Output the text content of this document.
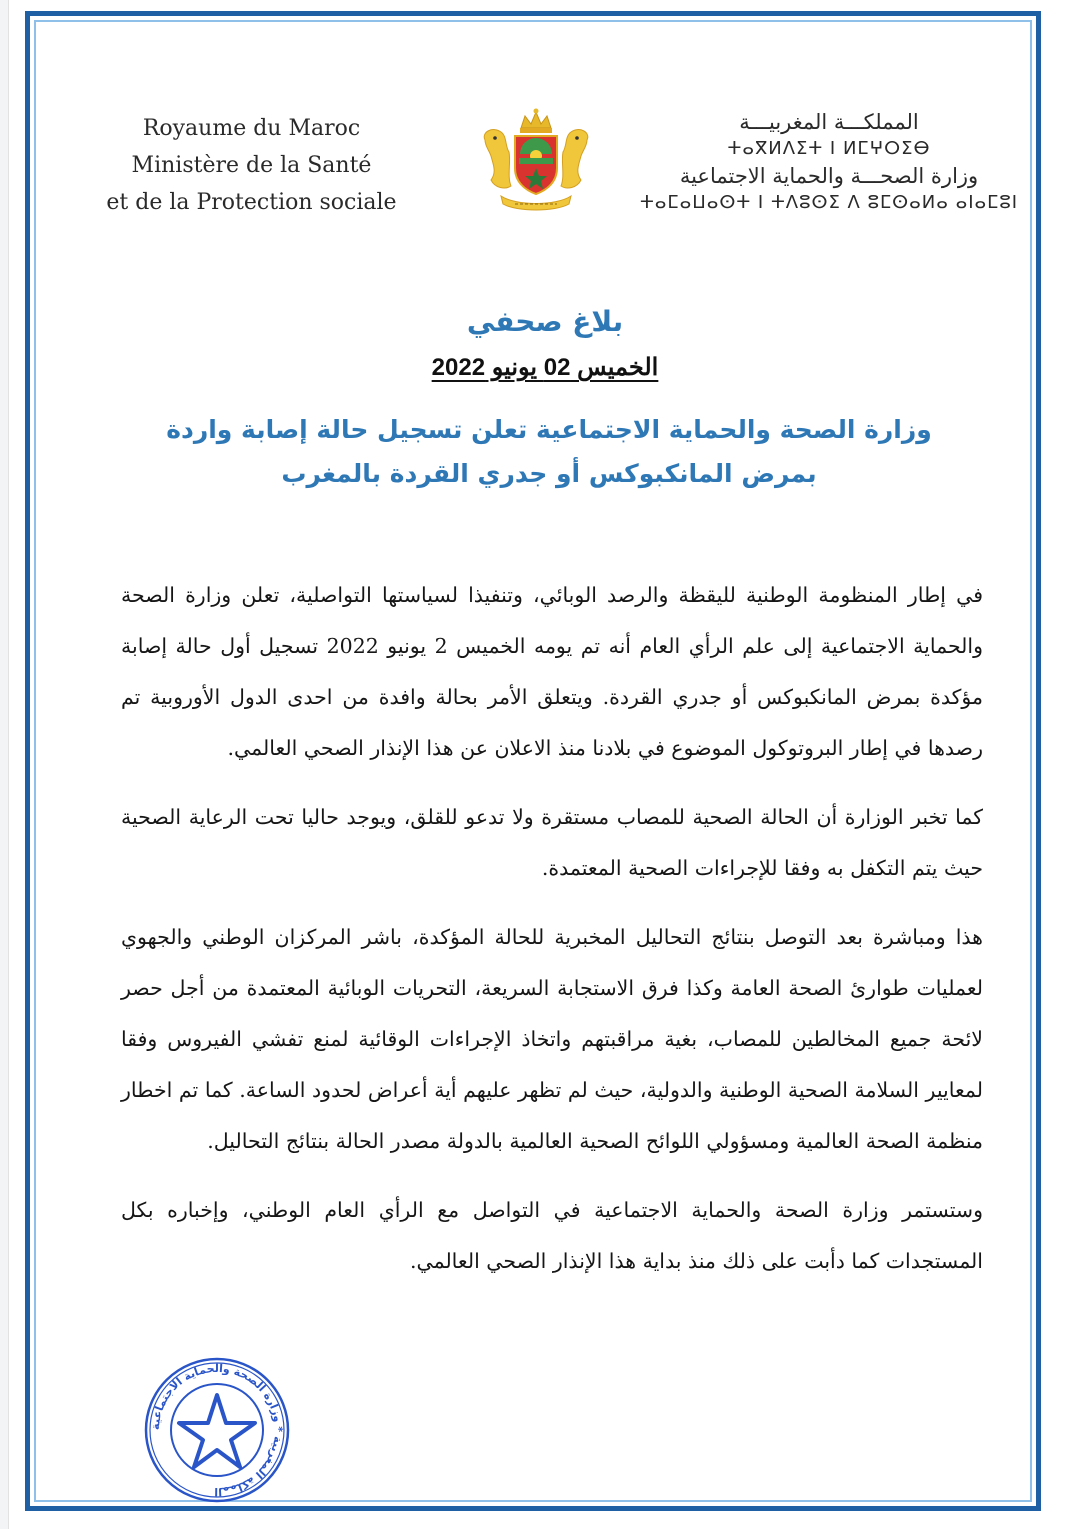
Royaume du Maroc
Ministère de la Santé
et de la Protection sociale
المملكـــة المغربيـــة
ⵜⴰⴳⵍⴷⵉⵜ ⵏ ⵍⵎⵖⵔⵉⴱ
وزارة الصحـــة والحماية الاجتماعية
ⵜⴰⵎⴰⵡⴰⵙⵜ ⵏ ⵜⴷⵓⵙⵉ ⴷ ⵓⵎⵙⴰⵍⴰ ⴰⵏⴰⵎⵓⵏ
بلاغ صحفي
الخميس 02 يونيو 2022
وزارة الصحة والحماية الاجتماعية تعلن تسجيل حالة إصابة واردة بمرض المانكبوكس أو جدري القردة بالمغرب

في إطار المنظومة الوطنية لليقظة والرصد الوبائي، وتنفيذا لسياستها التواصلية، تعلن وزارة الصحة والحماية الاجتماعية إلى علم الرأي العام أنه تم يومه الخميس 2 يونيو 2022 تسجيل أول حالة إصابة مؤكدة بمرض المانكبوكس أو جدري القردة. ويتعلق الأمر بحالة وافدة من احدى الدول الأوروبية تم رصدها في إطار البروتوكول الموضوع في بلادنا منذ الاعلان عن هذا الإنذار الصحي العالمي.

كما تخبر الوزارة أن الحالة الصحية للمصاب مستقرة ولا تدعو للقلق، ويوجد حاليا تحت الرعاية الصحية حيث يتم التكفل به وفقا للإجراءات الصحية المعتمدة.

هذا ومباشرة بعد التوصل بنتائج التحاليل المخبرية للحالة المؤكدة، باشر المركزان الوطني والجهوي لعمليات طوارئ الصحة العامة وكذا فرق الاستجابة السريعة، التحريات الوبائية المعتمدة من أجل حصر لائحة جميع المخالطين للمصاب، بغية مراقبتهم واتخاذ الإجراءات الوقائية لمنع تفشي الفيروس وفقا لمعايير السلامة الصحية الوطنية والدولية، حيث لم تظهر عليهم أية أعراض لحدود الساعة. كما تم اخطار منظمة الصحة العالمية ومسؤولي اللوائح الصحية العالمية بالدولة مصدر الحالة بنتائج التحاليل.

وستستمر وزارة الصحة والحماية الاجتماعية في التواصل مع الرأي العام الوطني، وإخباره بكل المستجدات كما دأبت على ذلك منذ بداية هذا الإنذار الصحي العالمي.

المملكة المغربية * وزارة الصحة والحماية الاجتماعية
